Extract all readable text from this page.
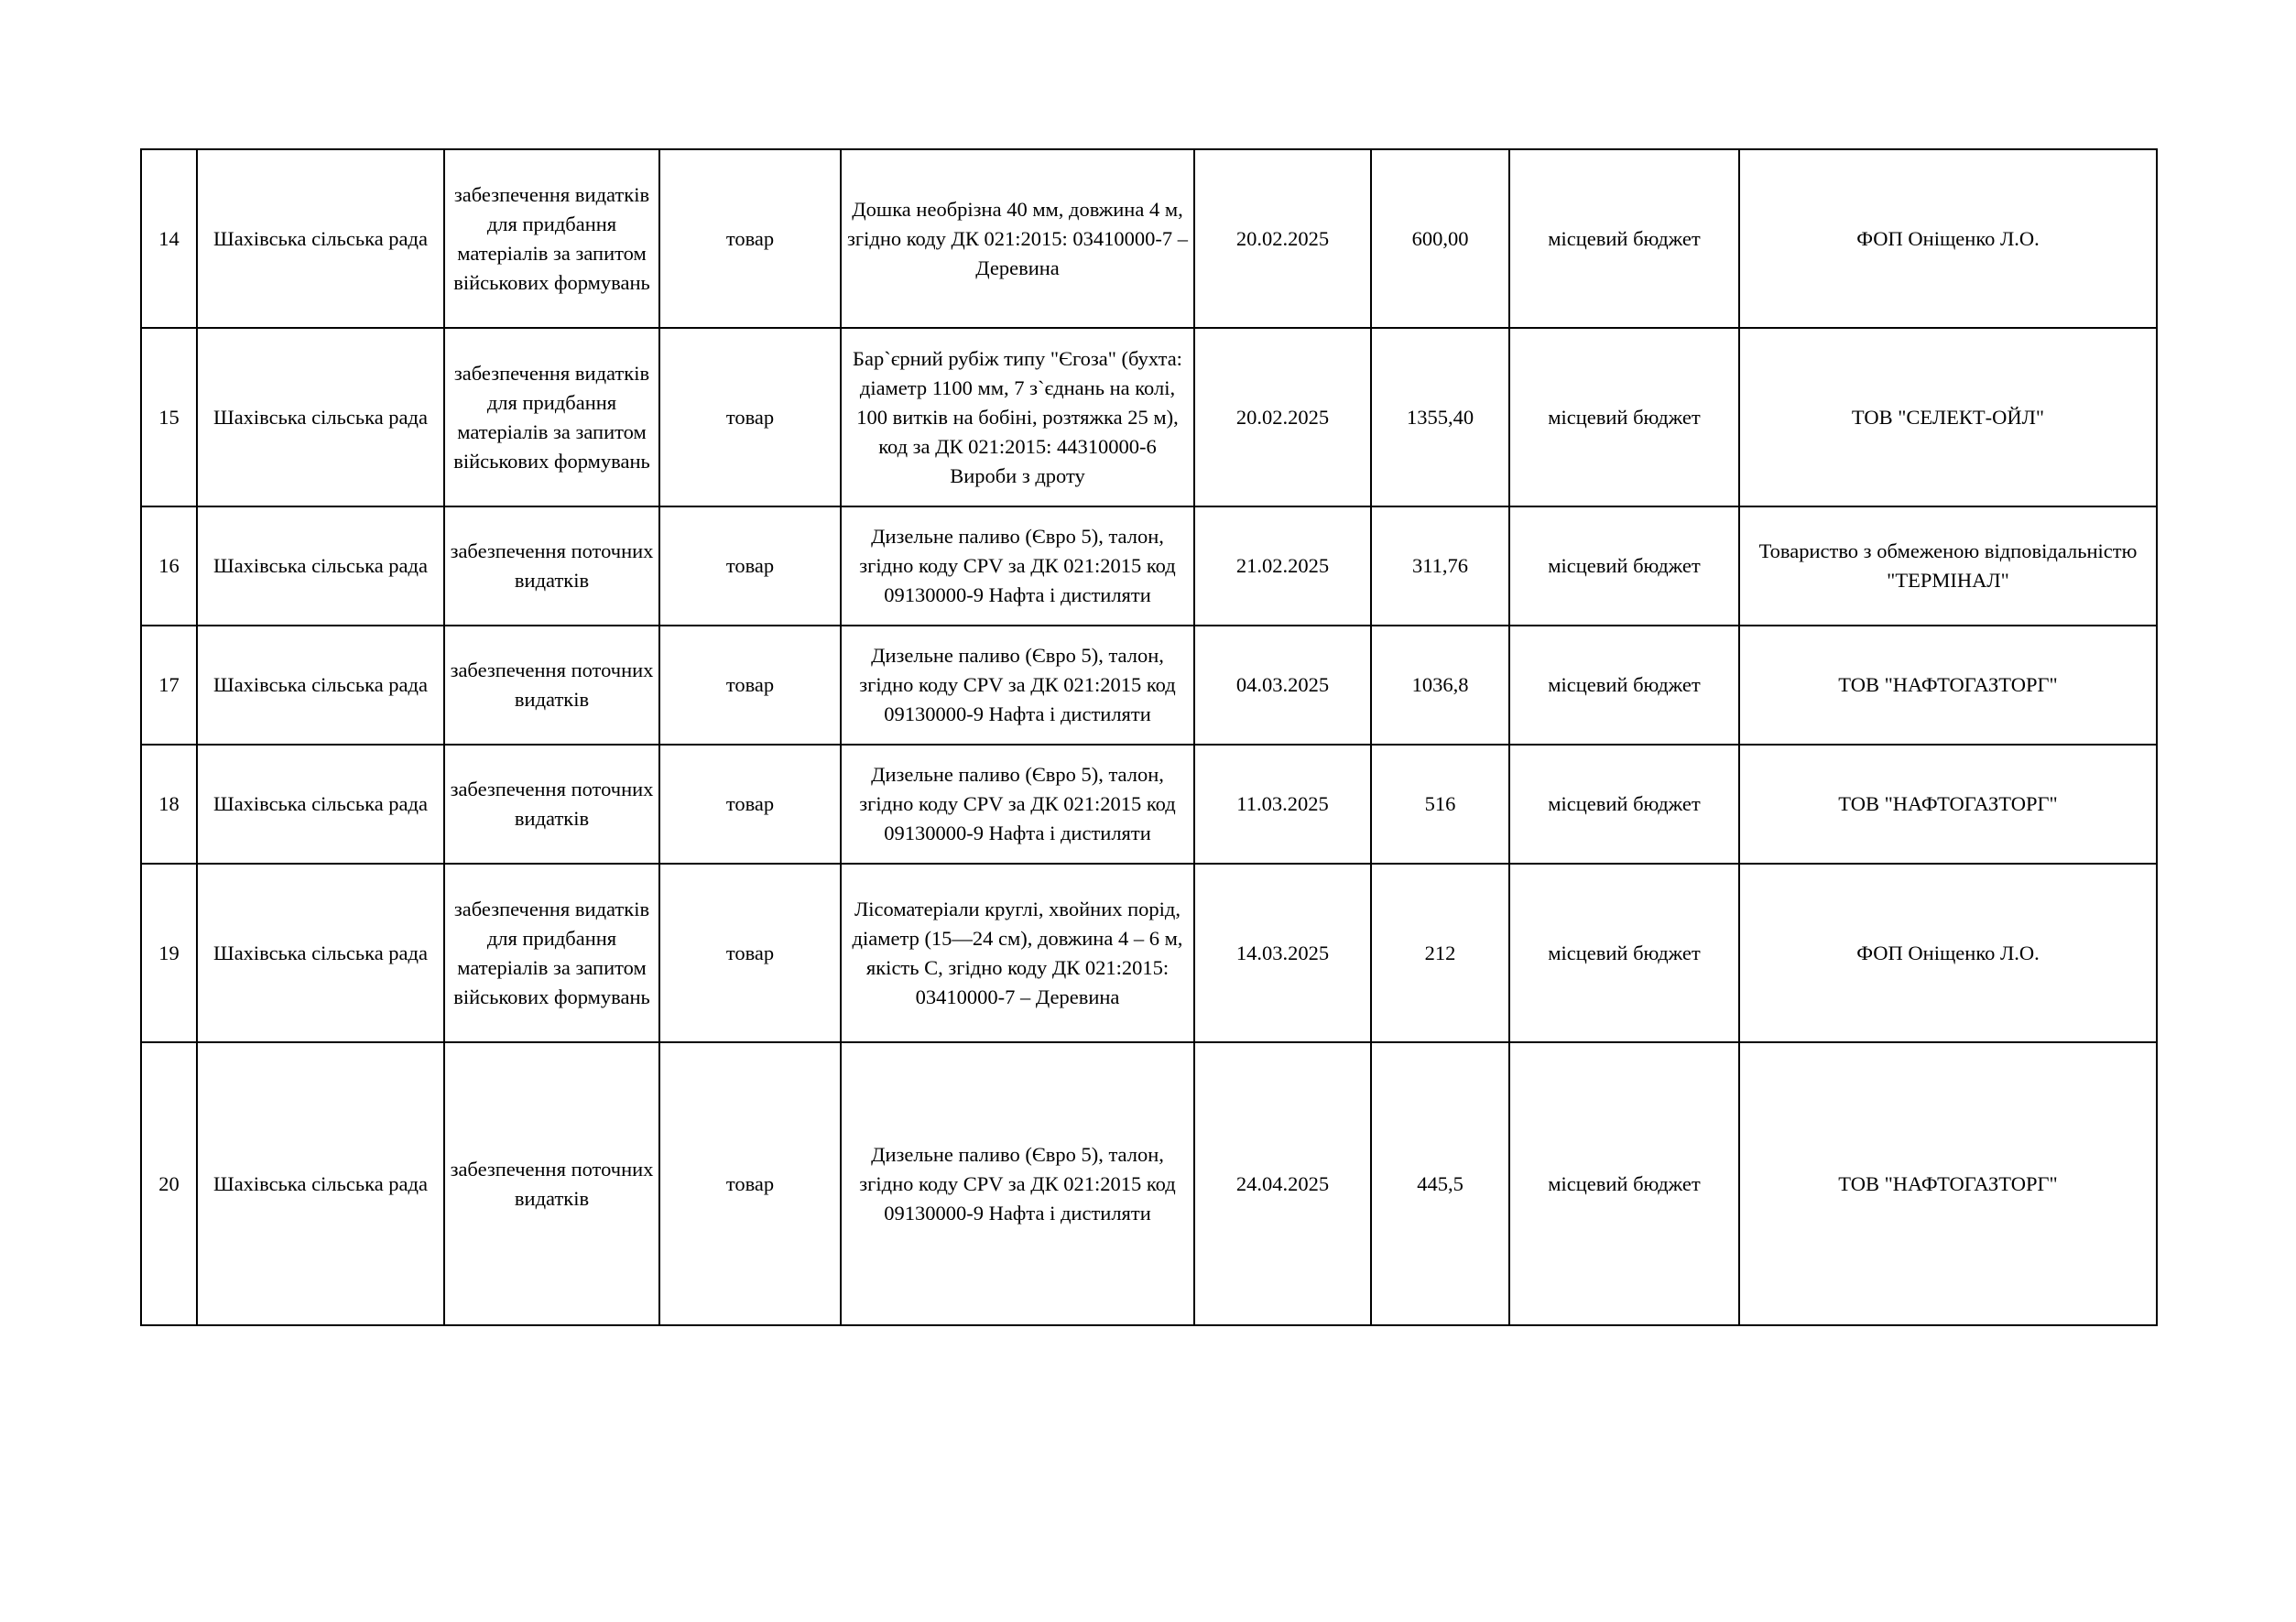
14	Шахівська сільська рада	забезпечення видатків для придбання матеріалів за запитом військових формувань	товар	Дошка необрізна 40 мм, довжина 4 м, згідно коду ДК 021:2015: 03410000-7 – Деревина	20.02.2025	600,00	місцевий бюджет	ФОП Оніщенко Л.О.
15	Шахівська сільська рада	забезпечення видатків для придбання матеріалів за запитом військових формувань	товар	Бар`єрний рубіж типу "Єгоза" (бухта: діаметр 1100 мм, 7 з`єднань на колі, 100 витків на бобіні, розтяжка 25 м), код за ДК 021:2015: 44310000-6 Вироби з дроту	20.02.2025	1355,40	місцевий бюджет	ТОВ "СЕЛЕКТ-ОЙЛ"
16	Шахівська сільська рада	забезпечення поточних видатків	товар	Дизельне паливо (Євро 5), талон, згідно коду CPV за ДК 021:2015 код 09130000-9 Нафта і дистиляти	21.02.2025	311,76	місцевий бюджет	Товариство з обмеженою відповідальністю "ТЕРМІНАЛ"
17	Шахівська сільська рада	забезпечення поточних видатків	товар	Дизельне паливо (Євро 5), талон, згідно коду CPV за ДК 021:2015 код 09130000-9 Нафта і дистиляти	04.03.2025	1036,8	місцевий бюджет	ТОВ "НАФТОГАЗТОРГ"
18	Шахівська сільська рада	забезпечення поточних видатків	товар	Дизельне паливо (Євро 5), талон, згідно коду CPV за ДК 021:2015 код 09130000-9 Нафта і дистиляти	11.03.2025	516	місцевий бюджет	ТОВ "НАФТОГАЗТОРГ"
19	Шахівська сільська рада	забезпечення видатків для придбання матеріалів за запитом військових формувань	товар	Лісоматеріали круглі, хвойних порід, діаметр (15—24 см), довжина 4 – 6 м, якість С, згідно коду ДК 021:2015: 03410000-7 – Деревина	14.03.2025	212	місцевий бюджет	ФОП Оніщенко Л.О.
20	Шахівська сільська рада	забезпечення поточних видатків	товар	Дизельне паливо (Євро 5), талон, згідно коду CPV за ДК 021:2015 код 09130000-9 Нафта і дистиляти	24.04.2025	445,5	місцевий бюджет	ТОВ "НАФТОГАЗТОРГ"
